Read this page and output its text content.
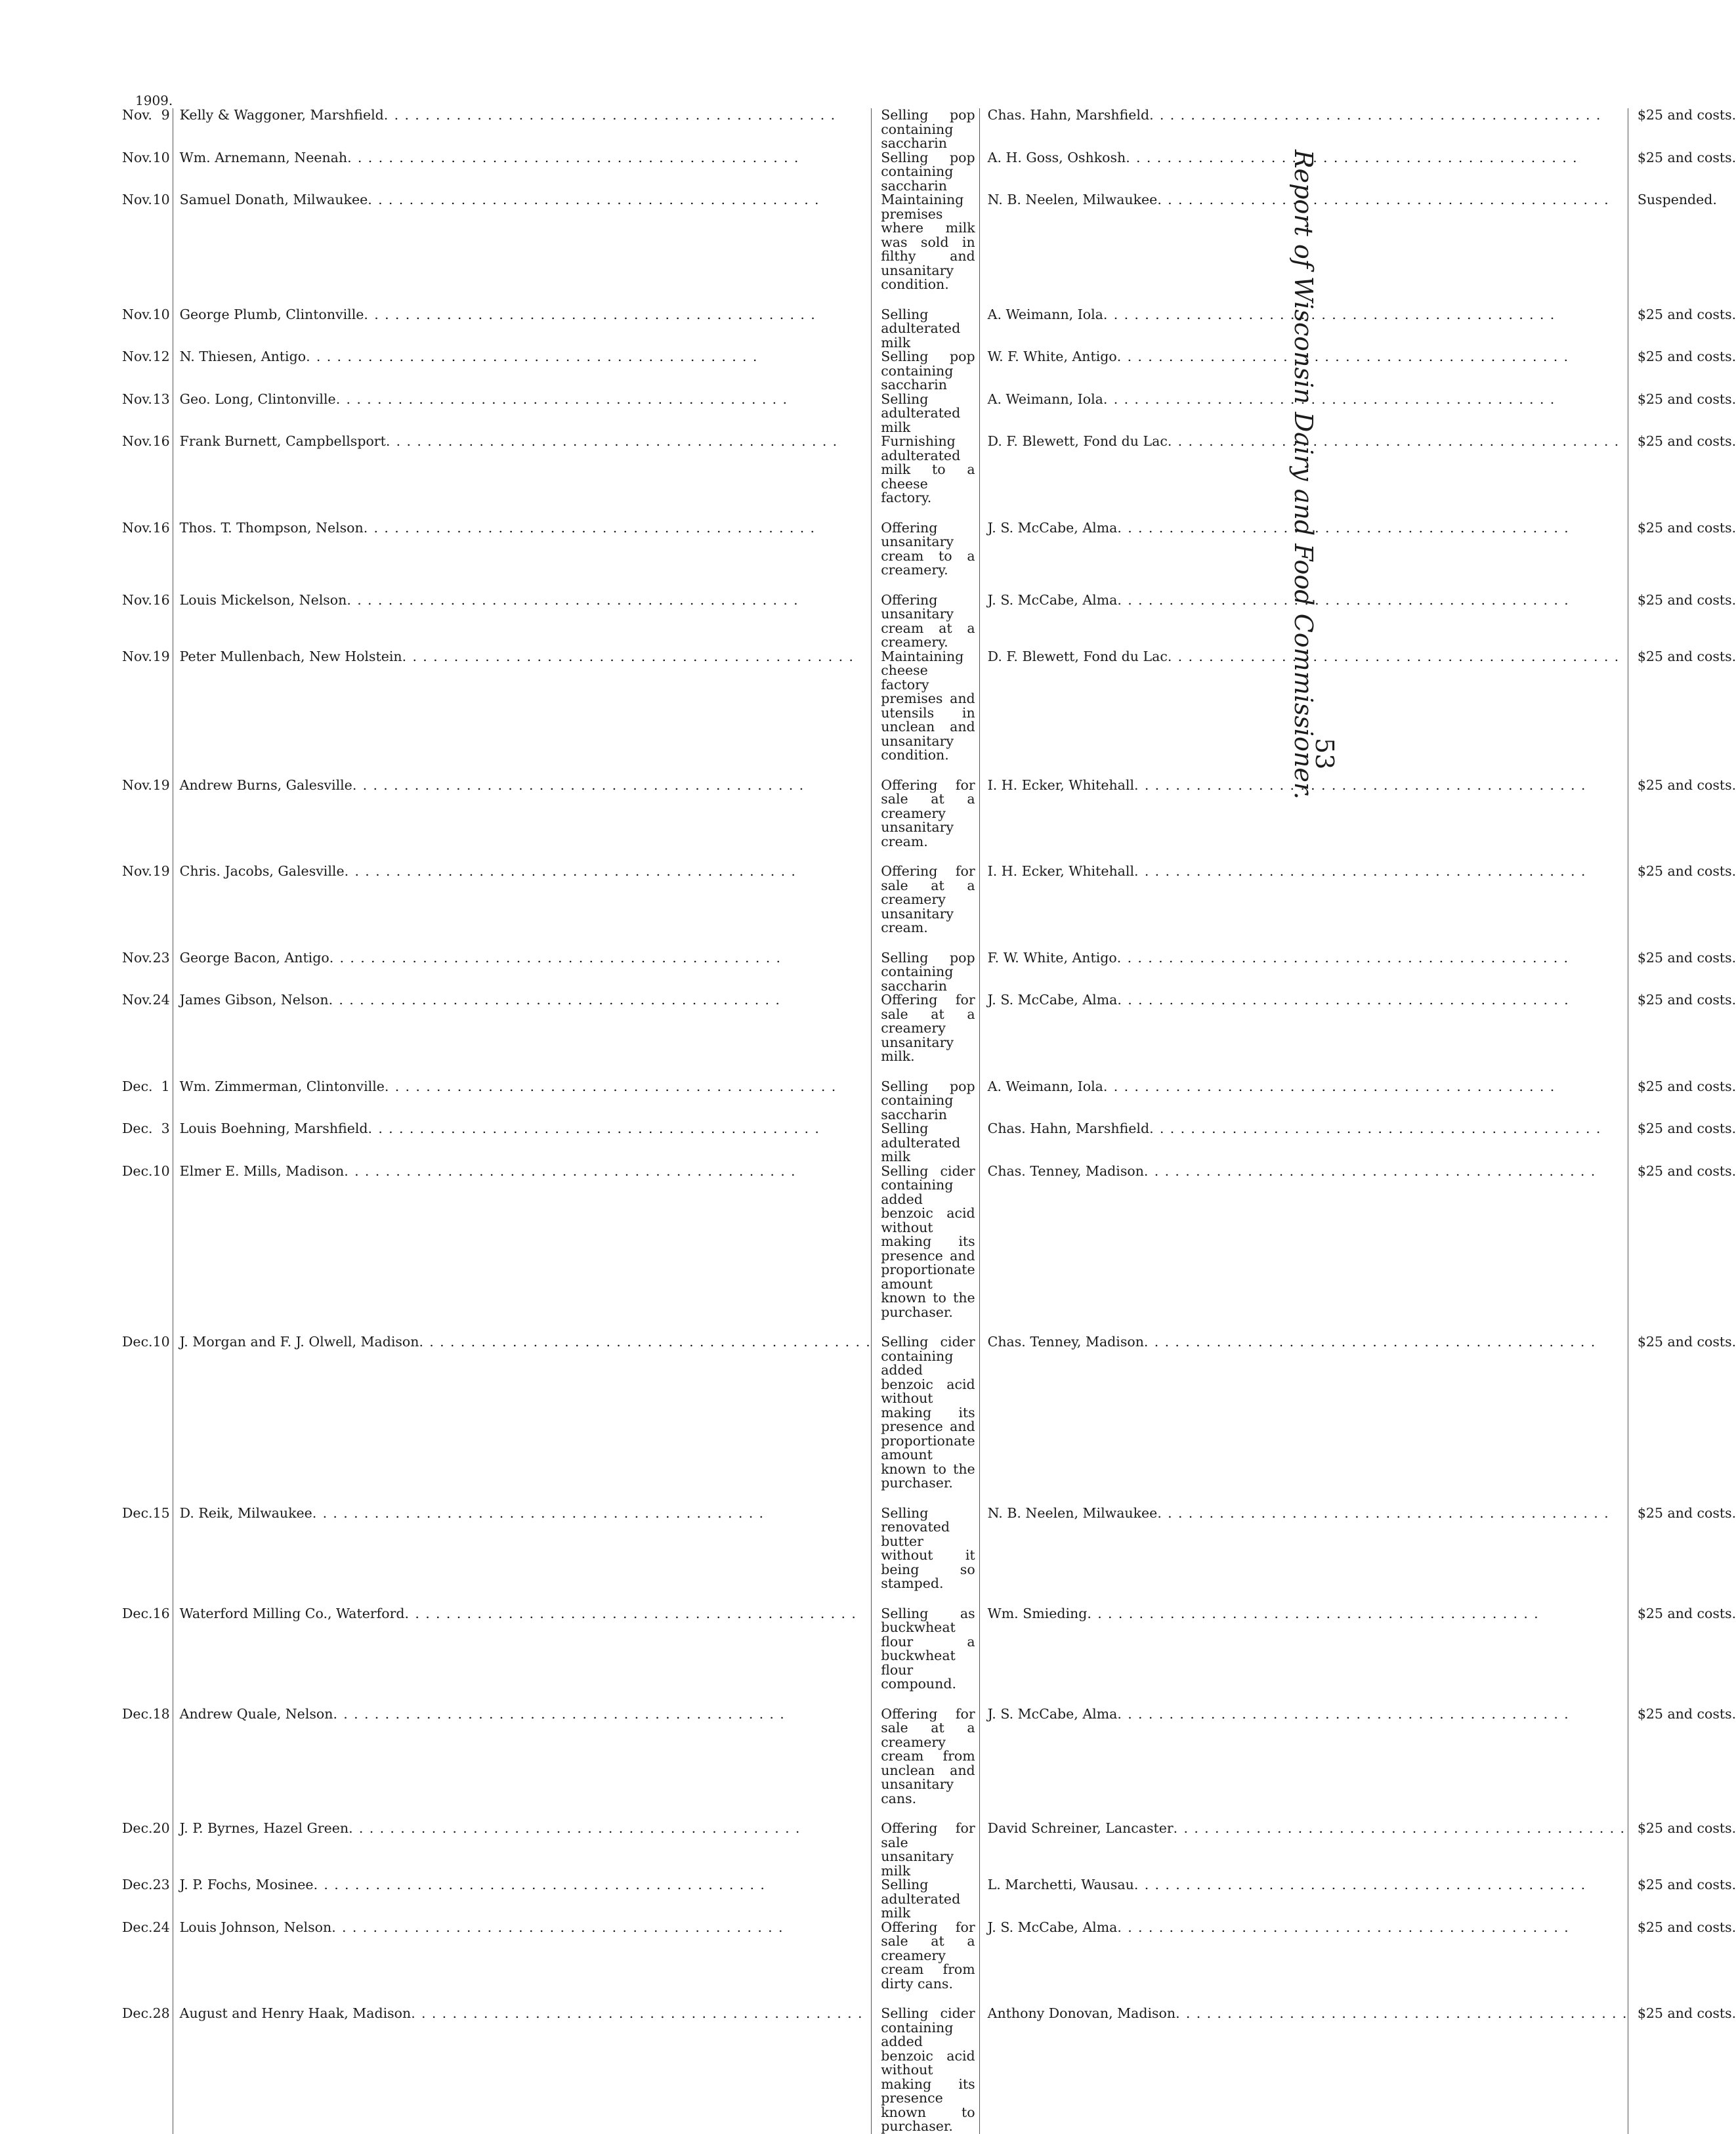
1909.
Nov.	9	Kelly & Waggoner, Marshfield . . . . . . . . . . . . . . . . . . . . . . . . . . . . . . . . . . . . . . . . . . . .	Selling pop containing saccharin	Chas. Hahn, Marshfield . . . . . . . . . . . . . . . . . . . . . . . . . . . . . . . . . . . . . . . . . . . .	$25 and costs.
Nov.	10	Wm. Arnemann, Neenah . . . . . . . . . . . . . . . . . . . . . . . . . . . . . . . . . . . . . . . . . . . .	Selling pop containing saccharin	A. H. Goss, Oshkosh . . . . . . . . . . . . . . . . . . . . . . . . . . . . . . . . . . . . . . . . . . . .	$25 and costs.
Nov.	10	Samuel Donath, Milwaukee . . . . . . . . . . . . . . . . . . . . . . . . . . . . . . . . . . . . . . . . . . . .	Maintaining premises where milk was sold in filthy and unsanitary condition.	N. B. Neelen, Milwaukee . . . . . . . . . . . . . . . . . . . . . . . . . . . . . . . . . . . . . . . . . . . .	Suspended.

Nov.	10	George Plumb, Clintonville . . . . . . . . . . . . . . . . . . . . . . . . . . . . . . . . . . . . . . . . . . . .	Selling adulterated milk	A. Weimann, Iola . . . . . . . . . . . . . . . . . . . . . . . . . . . . . . . . . . . . . . . . . . . .	$25 and costs.
Nov.	12	N. Thiesen, Antigo . . . . . . . . . . . . . . . . . . . . . . . . . . . . . . . . . . . . . . . . . . . .	Selling pop containing saccharin	W. F. White, Antigo . . . . . . . . . . . . . . . . . . . . . . . . . . . . . . . . . . . . . . . . . . . .	$25 and costs.
Nov.	13	Geo. Long, Clintonville . . . . . . . . . . . . . . . . . . . . . . . . . . . . . . . . . . . . . . . . . . . .	Selling adulterated milk	A. Weimann, Iola . . . . . . . . . . . . . . . . . . . . . . . . . . . . . . . . . . . . . . . . . . . .	$25 and costs.
Nov.	16	Frank Burnett, Campbellsport . . . . . . . . . . . . . . . . . . . . . . . . . . . . . . . . . . . . . . . . . . . .	Furnishing adulterated milk to a cheese factory.	D. F. Blewett, Fond du Lac . . . . . . . . . . . . . . . . . . . . . . . . . . . . . . . . . . . . . . . . . . . .	$25 and costs.

Nov.	16	Thos. T. Thompson, Nelson . . . . . . . . . . . . . . . . . . . . . . . . . . . . . . . . . . . . . . . . . . . .	Offering unsanitary cream to a creamery.	J. S. McCabe, Alma . . . . . . . . . . . . . . . . . . . . . . . . . . . . . . . . . . . . . . . . . . . .	$25 and costs.

Nov.	16	Louis Mickelson, Nelson . . . . . . . . . . . . . . . . . . . . . . . . . . . . . . . . . . . . . . . . . . . .	Offering unsanitary cream at a creamery.	J. S. McCabe, Alma . . . . . . . . . . . . . . . . . . . . . . . . . . . . . . . . . . . . . . . . . . . .	$25 and costs.
Nov.	19	Peter Mullenbach, New Holstein . . . . . . . . . . . . . . . . . . . . . . . . . . . . . . . . . . . . . . . . . . . .	Maintaining cheese factory premises and utensils in unclean and unsanitary condition.	D. F. Blewett, Fond du Lac . . . . . . . . . . . . . . . . . . . . . . . . . . . . . . . . . . . . . . . . . . . .	$25 and costs.

Nov.	19	Andrew Burns, Galesville . . . . . . . . . . . . . . . . . . . . . . . . . . . . . . . . . . . . . . . . . . . .	Offering for sale at a creamery unsanitary cream.	I. H. Ecker, Whitehall . . . . . . . . . . . . . . . . . . . . . . . . . . . . . . . . . . . . . . . . . . . .	$25 and costs.

Nov.	19	Chris. Jacobs, Galesville . . . . . . . . . . . . . . . . . . . . . . . . . . . . . . . . . . . . . . . . . . . .	Offering for sale at a creamery unsanitary cream.	I. H. Ecker, Whitehall . . . . . . . . . . . . . . . . . . . . . . . . . . . . . . . . . . . . . . . . . . . .	$25 and costs.

Nov.	23	George Bacon, Antigo . . . . . . . . . . . . . . . . . . . . . . . . . . . . . . . . . . . . . . . . . . . .	Selling pop containing saccharin	F. W. White, Antigo . . . . . . . . . . . . . . . . . . . . . . . . . . . . . . . . . . . . . . . . . . . .	$25 and costs.
Nov.	24	James Gibson, Nelson . . . . . . . . . . . . . . . . . . . . . . . . . . . . . . . . . . . . . . . . . . . .	Offering for sale at a creamery unsanitary milk.	J. S. McCabe, Alma . . . . . . . . . . . . . . . . . . . . . . . . . . . . . . . . . . . . . . . . . . . .	$25 and costs.

Dec.	1	Wm. Zimmerman, Clintonville . . . . . . . . . . . . . . . . . . . . . . . . . . . . . . . . . . . . . . . . . . . .	Selling pop containing saccharin	A. Weimann, Iola . . . . . . . . . . . . . . . . . . . . . . . . . . . . . . . . . . . . . . . . . . . .	$25 and costs.
Dec.	3	Louis Boehning, Marshfield . . . . . . . . . . . . . . . . . . . . . . . . . . . . . . . . . . . . . . . . . . . .	Selling adulterated milk	Chas. Hahn, Marshfield . . . . . . . . . . . . . . . . . . . . . . . . . . . . . . . . . . . . . . . . . . . .	$25 and costs.
Dec.	10	Elmer E. Mills, Madison . . . . . . . . . . . . . . . . . . . . . . . . . . . . . . . . . . . . . . . . . . . .	Selling cider containing added benzoic acid without making its presence and proportionate amount known to the purchaser.	Chas. Tenney, Madison . . . . . . . . . . . . . . . . . . . . . . . . . . . . . . . . . . . . . . . . . . . .	$25 and costs.

Dec.	10	J. Morgan and F. J. Olwell, Madison . . . . . . . . . . . . . . . . . . . . . . . . . . . . . . . . . . . . . . . . . . . .	Selling cider containing added benzoic acid without making its presence and proportionate amount known to the purchaser.	Chas. Tenney, Madison . . . . . . . . . . . . . . . . . . . . . . . . . . . . . . . . . . . . . . . . . . . .	$25 and costs.

Dec.	15	D. Reik, Milwaukee . . . . . . . . . . . . . . . . . . . . . . . . . . . . . . . . . . . . . . . . . . . .	Selling renovated butter without it being so stamped.	N. B. Neelen, Milwaukee . . . . . . . . . . . . . . . . . . . . . . . . . . . . . . . . . . . . . . . . . . . .	$25 and costs.

Dec.	16	Waterford Milling Co., Waterford . . . . . . . . . . . . . . . . . . . . . . . . . . . . . . . . . . . . . . . . . . . .	Selling as buckwheat flour a buckwheat flour compound.	Wm. Smieding . . . . . . . . . . . . . . . . . . . . . . . . . . . . . . . . . . . . . . . . . . . .	$25 and costs.

Dec.	18	Andrew Quale, Nelson . . . . . . . . . . . . . . . . . . . . . . . . . . . . . . . . . . . . . . . . . . . .	Offering for sale at a creamery cream from unclean and unsanitary cans.	J. S. McCabe, Alma . . . . . . . . . . . . . . . . . . . . . . . . . . . . . . . . . . . . . . . . . . . .	$25 and costs.

Dec.	20	J. P. Byrnes, Hazel Green . . . . . . . . . . . . . . . . . . . . . . . . . . . . . . . . . . . . . . . . . . . .	Offering for sale unsanitary milk	David Schreiner, Lancaster . . . . . . . . . . . . . . . . . . . . . . . . . . . . . . . . . . . . . . . . . . . .	$25 and costs.
Dec.	23	J. P. Fochs, Mosinee . . . . . . . . . . . . . . . . . . . . . . . . . . . . . . . . . . . . . . . . . . . .	Selling adulterated milk	L. Marchetti, Wausau . . . . . . . . . . . . . . . . . . . . . . . . . . . . . . . . . . . . . . . . . . . .	$25 and costs.
Dec.	24	Louis Johnson, Nelson . . . . . . . . . . . . . . . . . . . . . . . . . . . . . . . . . . . . . . . . . . . .	Offering for sale at a creamery cream from dirty cans.	J. S. McCabe, Alma . . . . . . . . . . . . . . . . . . . . . . . . . . . . . . . . . . . . . . . . . . . .	$25 and costs.

Dec.	28	August and Henry Haak, Madison . . . . . . . . . . . . . . . . . . . . . . . . . . . . . . . . . . . . . . . . . . . .	Selling cider containing added benzoic acid without making its presence known to purchaser.	Anthony Donovan, Madison . . . . . . . . . . . . . . . . . . . . . . . . . . . . . . . . . . . . . . . . . . . .	$25 and costs.
Report of Wisconsin Dairy and Food Commissioner.
53
